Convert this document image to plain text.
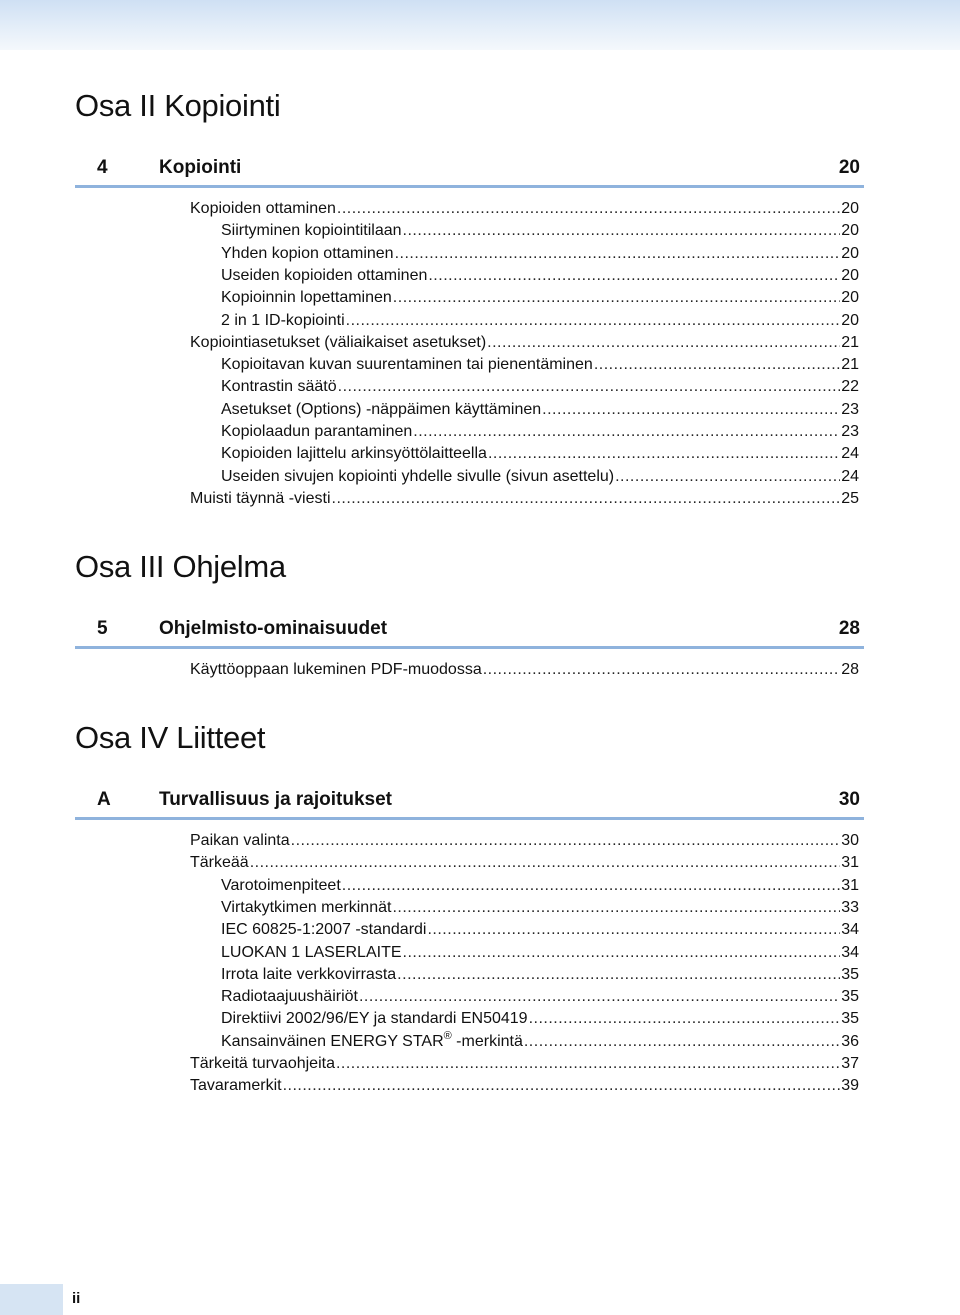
Osa II Kopiointi
4	Kopiointi	20
Kopioiden ottaminen .....	20
Siirtyminen kopiointitilaan .....	20
Yhden kopion ottaminen .....	20
Useiden kopioiden ottaminen .....	20
Kopioinnin lopettaminen .....	20
2 in 1 ID-kopiointi .....	20
Kopiointiasetukset (väliaikaiset asetukset) .....	21
Kopioitavan kuvan suurentaminen tai pienentäminen .....	21
Kontrastin säätö .....	22
Asetukset (Options) -näppäimen käyttäminen .....	23
Kopiolaadun parantaminen .....	23
Kopioiden lajittelu arkinsyöttölaitteella .....	24
Useiden sivujen kopiointi yhdelle sivulle (sivun asettelu) .....	24
Muisti täynnä -viesti .....	25
Osa III Ohjelma
5	Ohjelmisto-ominaisuudet	28
Käyttöoppaan lukeminen PDF-muodossa .....	28
Osa IV Liitteet
A	Turvallisuus ja rajoitukset	30
Paikan valinta .....	30
Tärkeää .....	31
Varotoimenpiteet .....	31
Virtakytkimen merkinnät .....	33
IEC 60825-1:2007 -standardi .....	34
LUOKAN 1 LASERLAITE .....	34
Irrota laite verkkovirrasta .....	35
Radiotaajuushäiriöt .....	35
Direktiivi 2002/96/EY ja standardi EN50419 .....	35
Kansainväinen ENERGY STAR® -merkintä .....	36
Tärkeitä turvaohjeita .....	37
Tavaramerkit .....	39
ii
